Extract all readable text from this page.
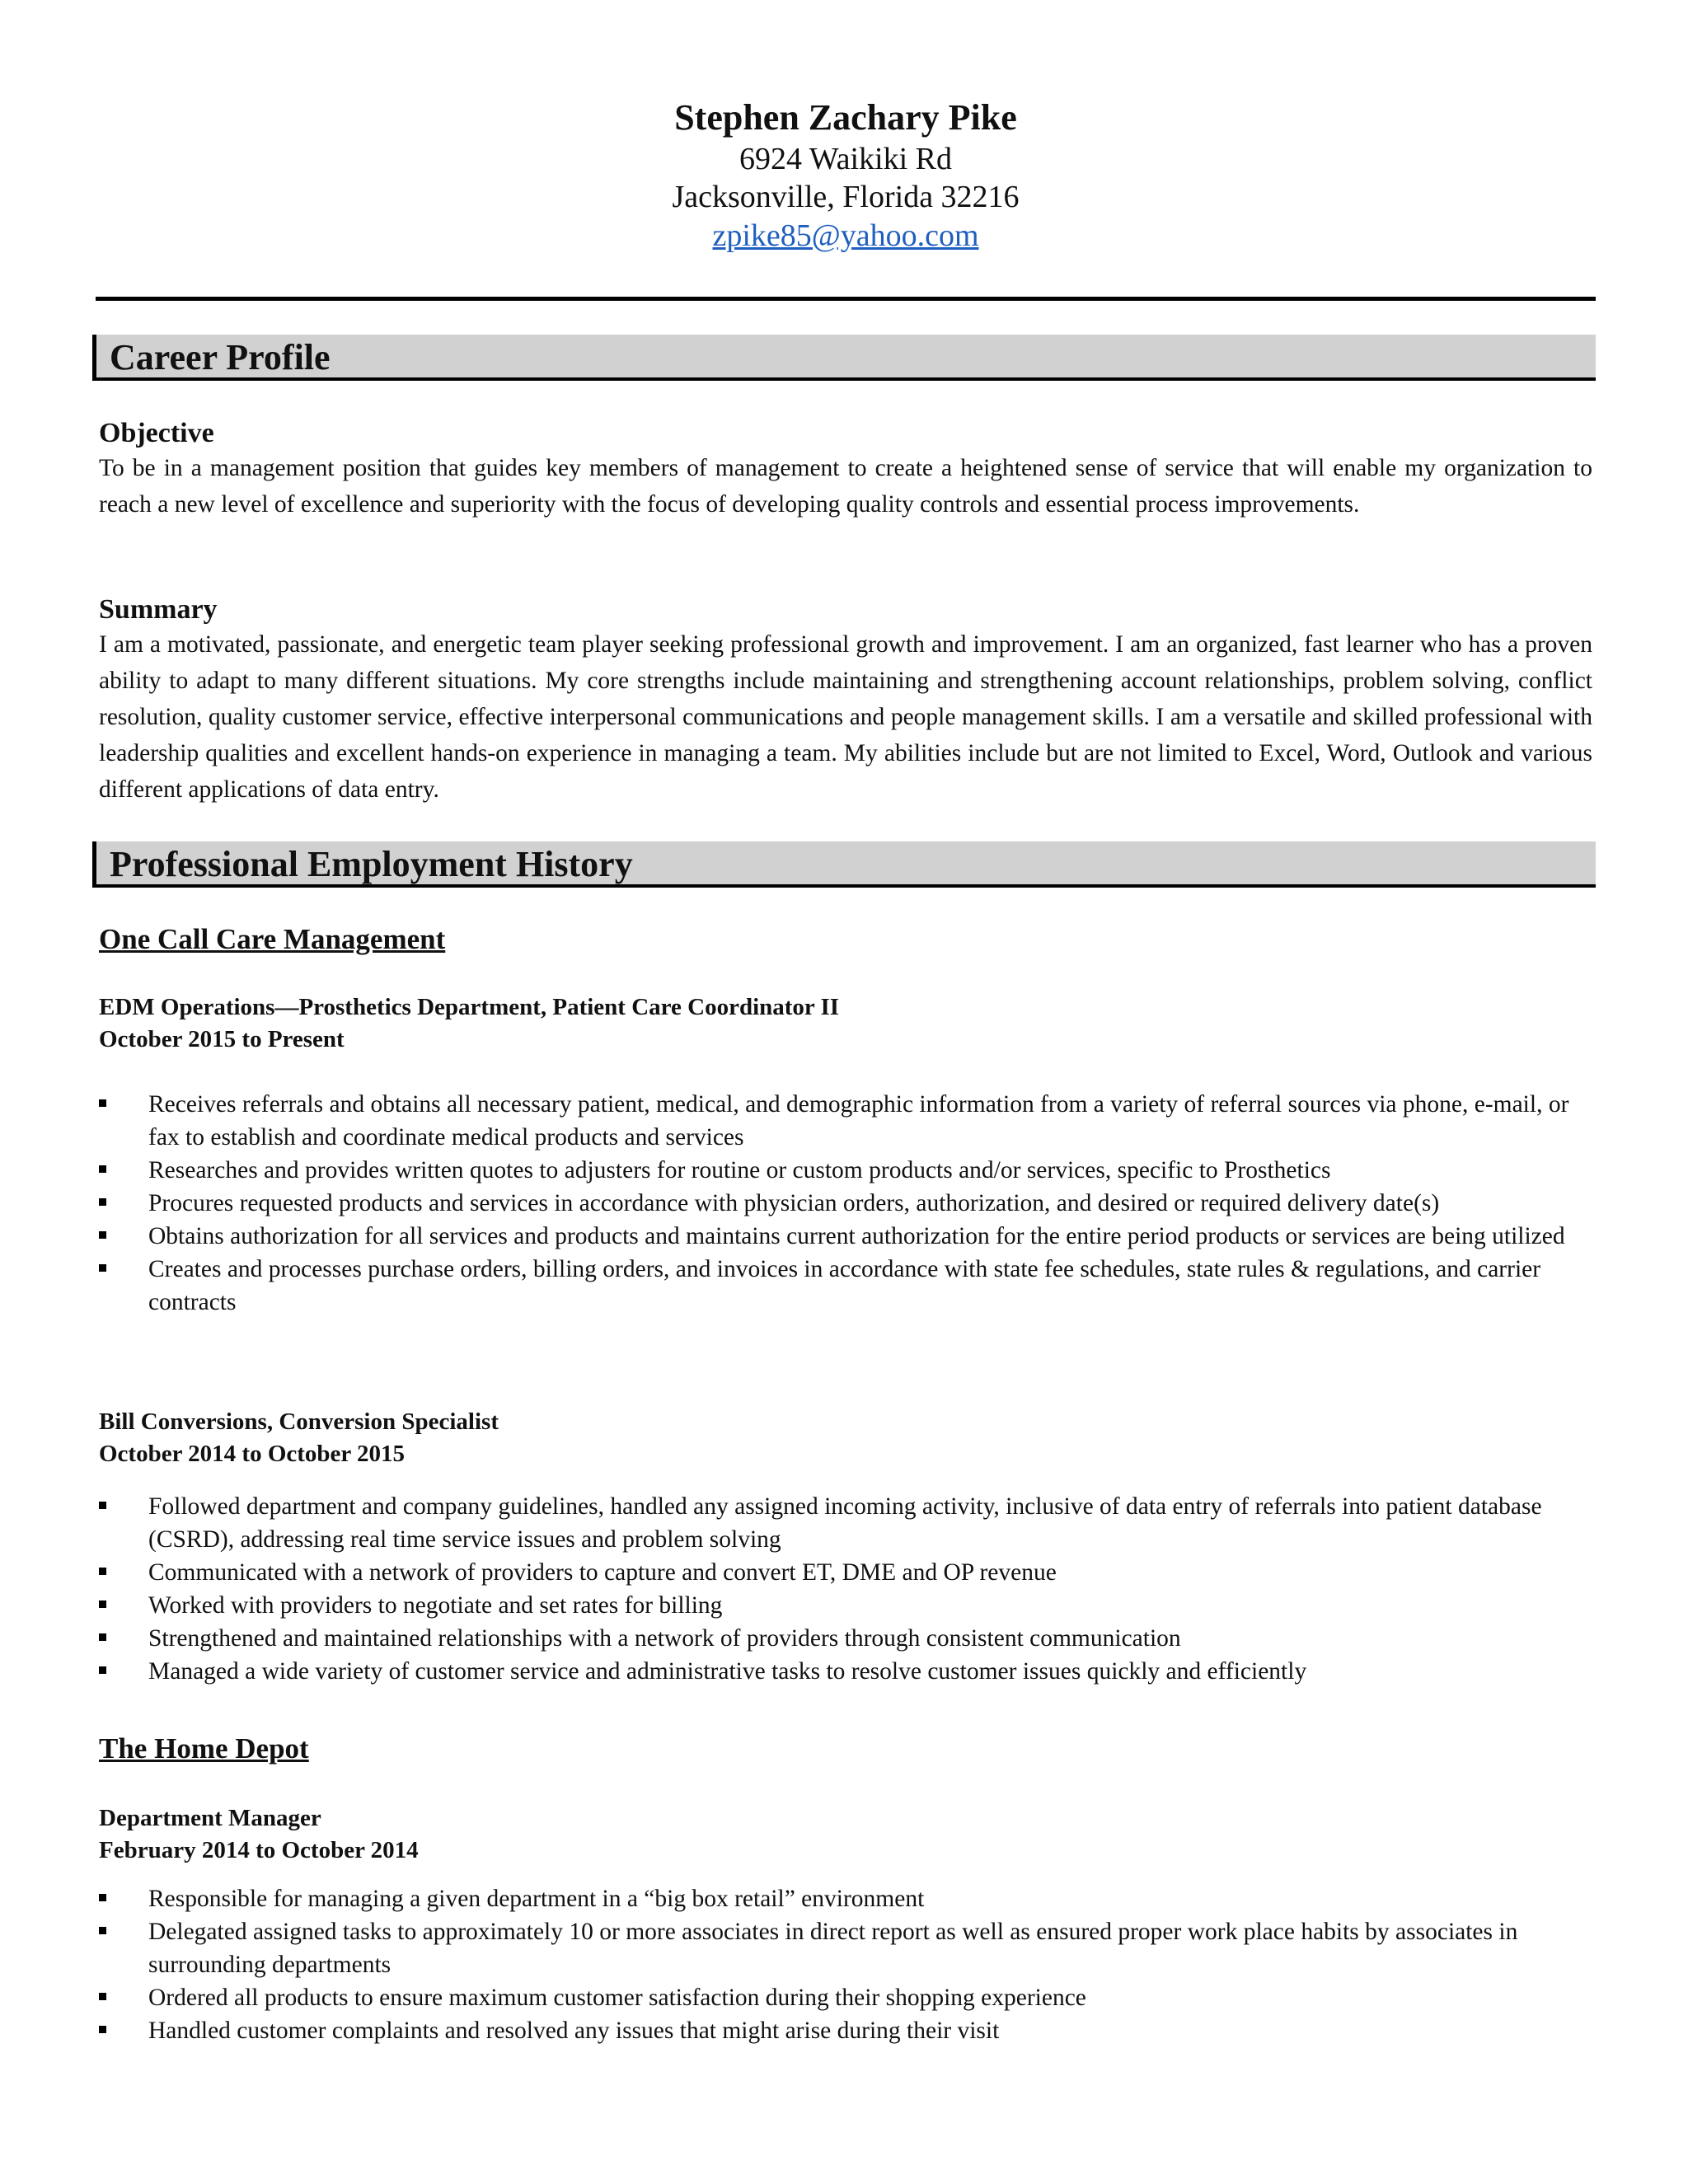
Stephen Zachary Pike
6924 Waikiki Rd
Jacksonville, Florida 32216
zpike85@yahoo.com
Career Profile
Objective
To be in a management position that guides key members of management to create a heightened sense of service that will enable my organization to reach a new level of excellence and superiority with the focus of developing quality controls and essential process improvements.
Summary
I am a motivated, passionate, and energetic team player seeking professional growth and improvement. I am an organized, fast learner who has a proven ability to adapt to many different situations. My core strengths include maintaining and strengthening account relationships, problem solving, conflict resolution, quality customer service, effective interpersonal communications and people management skills. I am a versatile and skilled professional with leadership qualities and excellent hands-on experience in managing a team. My abilities include but are not limited to Excel, Word, Outlook and various different applications of data entry.
Professional Employment History
One Call Care Management
EDM Operations—Prosthetics Department, Patient Care Coordinator II
October 2015 to Present
Receives referrals and obtains all necessary patient, medical, and demographic information from a variety of referral sources via phone, e-mail, or fax to establish and coordinate medical products and services
Researches and provides written quotes to adjusters for routine or custom products and/or services, specific to Prosthetics
Procures requested products and services in accordance with physician orders, authorization, and desired or required delivery date(s)
Obtains authorization for all services and products and maintains current authorization for the entire period products or services are being utilized
Creates and processes purchase orders, billing orders, and invoices in accordance with state fee schedules, state rules & regulations, and carrier contracts
Bill Conversions, Conversion Specialist
October 2014 to October 2015
Followed department and company guidelines, handled any assigned incoming activity, inclusive of data entry of referrals into patient database (CSRD), addressing real time service issues and problem solving
Communicated with a network of providers to capture and convert ET, DME and OP revenue
Worked with providers to negotiate and set rates for billing
Strengthened and maintained relationships with a network of providers through consistent communication
Managed a wide variety of customer service and administrative tasks to resolve customer issues quickly and efficiently
The Home Depot
Department Manager
February 2014 to October 2014
Responsible for managing a given department in a “big box retail” environment
Delegated assigned tasks to approximately 10 or more associates in direct report as well as ensured proper work place habits by associates in surrounding departments
Ordered all products to ensure maximum customer satisfaction during their shopping experience
Handled customer complaints and resolved any issues that might arise during their visit
